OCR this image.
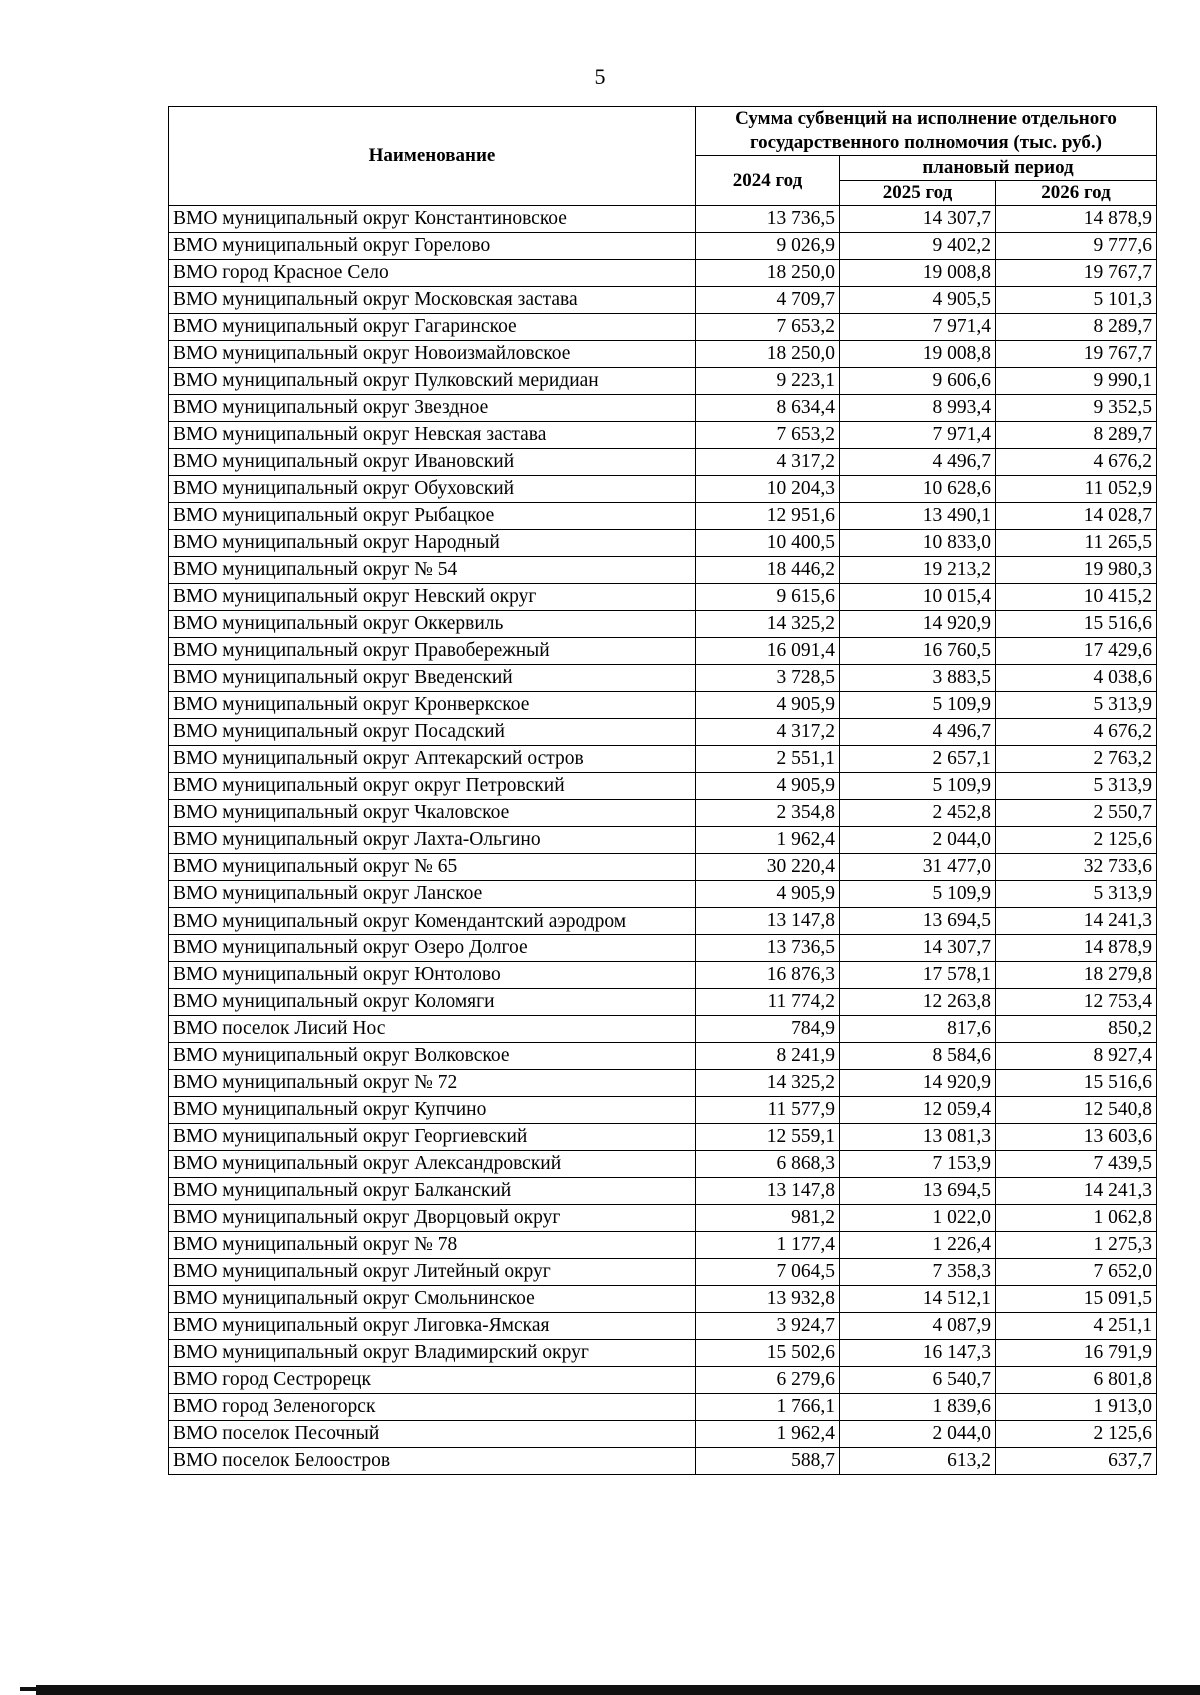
5
Наименование	Сумма субвенций на исполнение отдельного государственного полномочия (тыс. руб.)		
	2024 год	плановый период	
		2025 год	2026 год
ВМО муниципальный округ Константиновское	13 736,5	14 307,7	14 878,9
ВМО муниципальный округ Горелово	9 026,9	9 402,2	9 777,6
ВМО город Красное Село	18 250,0	19 008,8	19 767,7
ВМО муниципальный округ Московская застава	4 709,7	4 905,5	5 101,3
ВМО муниципальный округ Гагаринское	7 653,2	7 971,4	8 289,7
ВМО муниципальный округ Новоизмайловское	18 250,0	19 008,8	19 767,7
ВМО муниципальный округ Пулковский меридиан	9 223,1	9 606,6	9 990,1
ВМО муниципальный округ Звездное	8 634,4	8 993,4	9 352,5
ВМО муниципальный округ Невская застава	7 653,2	7 971,4	8 289,7
ВМО муниципальный округ Ивановский	4 317,2	4 496,7	4 676,2
ВМО муниципальный округ Обуховский	10 204,3	10 628,6	11 052,9
ВМО муниципальный округ Рыбацкое	12 951,6	13 490,1	14 028,7
ВМО муниципальный округ Народный	10 400,5	10 833,0	11 265,5
ВМО муниципальный округ № 54	18 446,2	19 213,2	19 980,3
ВМО муниципальный округ Невский округ	9 615,6	10 015,4	10 415,2
ВМО муниципальный округ Оккервиль	14 325,2	14 920,9	15 516,6
ВМО муниципальный округ Правобережный	16 091,4	16 760,5	17 429,6
ВМО муниципальный округ Введенский	3 728,5	3 883,5	4 038,6
ВМО муниципальный округ Кронверкское	4 905,9	5 109,9	5 313,9
ВМО муниципальный округ Посадский	4 317,2	4 496,7	4 676,2
ВМО муниципальный округ Аптекарский остров	2 551,1	2 657,1	2 763,2
ВМО муниципальный округ округ Петровский	4 905,9	5 109,9	5 313,9
ВМО муниципальный округ Чкаловское	2 354,8	2 452,8	2 550,7
ВМО муниципальный округ Лахта-Ольгино	1 962,4	2 044,0	2 125,6
ВМО муниципальный округ № 65	30 220,4	31 477,0	32 733,6
ВМО муниципальный округ Ланское	4 905,9	5 109,9	5 313,9
ВМО муниципальный округ Комендантский аэродром	13 147,8	13 694,5	14 241,3
ВМО муниципальный округ Озеро Долгое	13 736,5	14 307,7	14 878,9
ВМО муниципальный округ Юнтолово	16 876,3	17 578,1	18 279,8
ВМО муниципальный округ Коломяги	11 774,2	12 263,8	12 753,4
ВМО поселок Лисий Нос	784,9	817,6	850,2
ВМО муниципальный округ Волковское	8 241,9	8 584,6	8 927,4
ВМО муниципальный округ № 72	14 325,2	14 920,9	15 516,6
ВМО муниципальный округ Купчино	11 577,9	12 059,4	12 540,8
ВМО муниципальный округ Георгиевский	12 559,1	13 081,3	13 603,6
ВМО муниципальный округ Александровский	6 868,3	7 153,9	7 439,5
ВМО муниципальный округ Балканский	13 147,8	13 694,5	14 241,3
ВМО муниципальный округ Дворцовый округ	981,2	1 022,0	1 062,8
ВМО муниципальный округ № 78	1 177,4	1 226,4	1 275,3
ВМО муниципальный округ Литейный округ	7 064,5	7 358,3	7 652,0
ВМО муниципальный округ Смольнинское	13 932,8	14 512,1	15 091,5
ВМО муниципальный округ Лиговка-Ямская	3 924,7	4 087,9	4 251,1
ВМО муниципальный округ Владимирский округ	15 502,6	16 147,3	16 791,9
ВМО город Сестрорецк	6 279,6	6 540,7	6 801,8
ВМО город Зеленогорск	1 766,1	1 839,6	1 913,0
ВМО поселок Песочный	1 962,4	2 044,0	2 125,6
ВМО поселок Белоостров	588,7	613,2	637,7
